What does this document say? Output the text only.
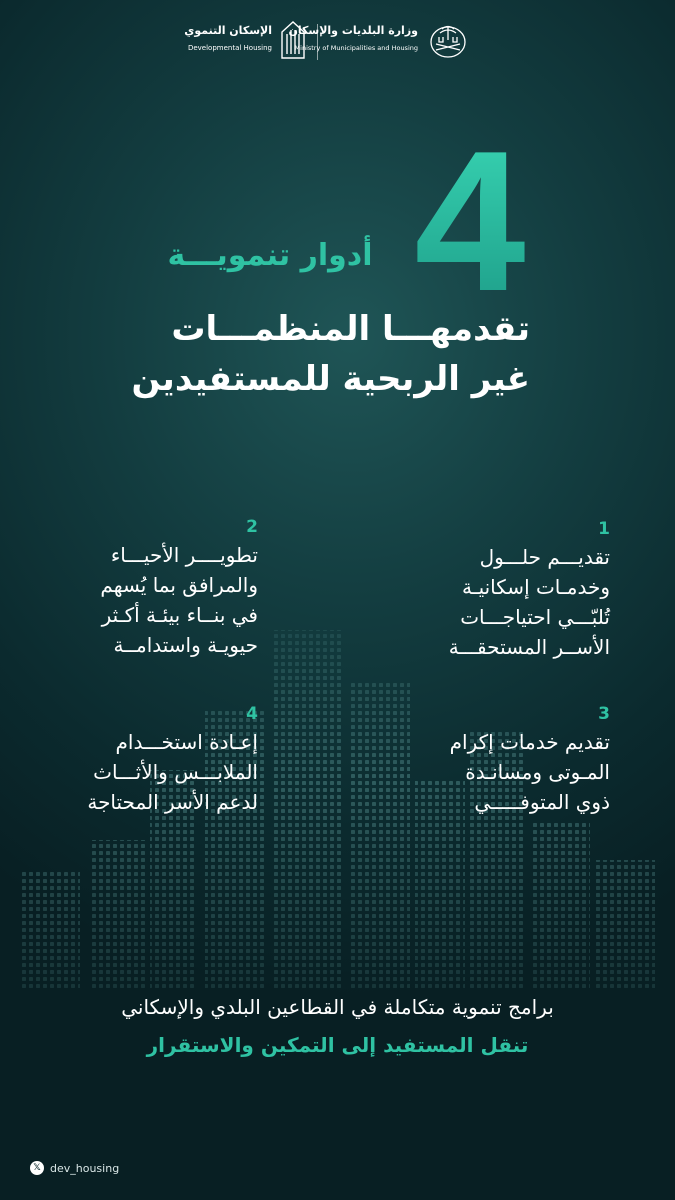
الإسكان التنموي
Developmental Housing
وزارة البلديات والإسكان
Ministry of Municipalities and Housing
4
أدوار تنمويـــة
تقدمهـــا المنظمـــات
غير الربحية للمستفيدين
1
تقديـــم حلـــول
وخدمـات إسكانيـة
تُلبّـــي احتياجـــات
الأســر المستحقـــة
2
تطويــــر الأحيـــاء
والمرافق بما يُسهم
في بنــاء بيئـة أكـثر
حيويـة واستدامــة
3
تقديم خدمات إكرام
المـوتى ومسانـدة
ذوي المتوفـــــي
4
إعـادة استخـــدام
الملابـــس والأثـــاث
لدعم الأسر المحتاجة
برامج تنموية متكاملة في القطاعين البلدي والإسكاني
تنقل المستفيد إلى التمكين والاستقرار
𝕏 dev_housing
